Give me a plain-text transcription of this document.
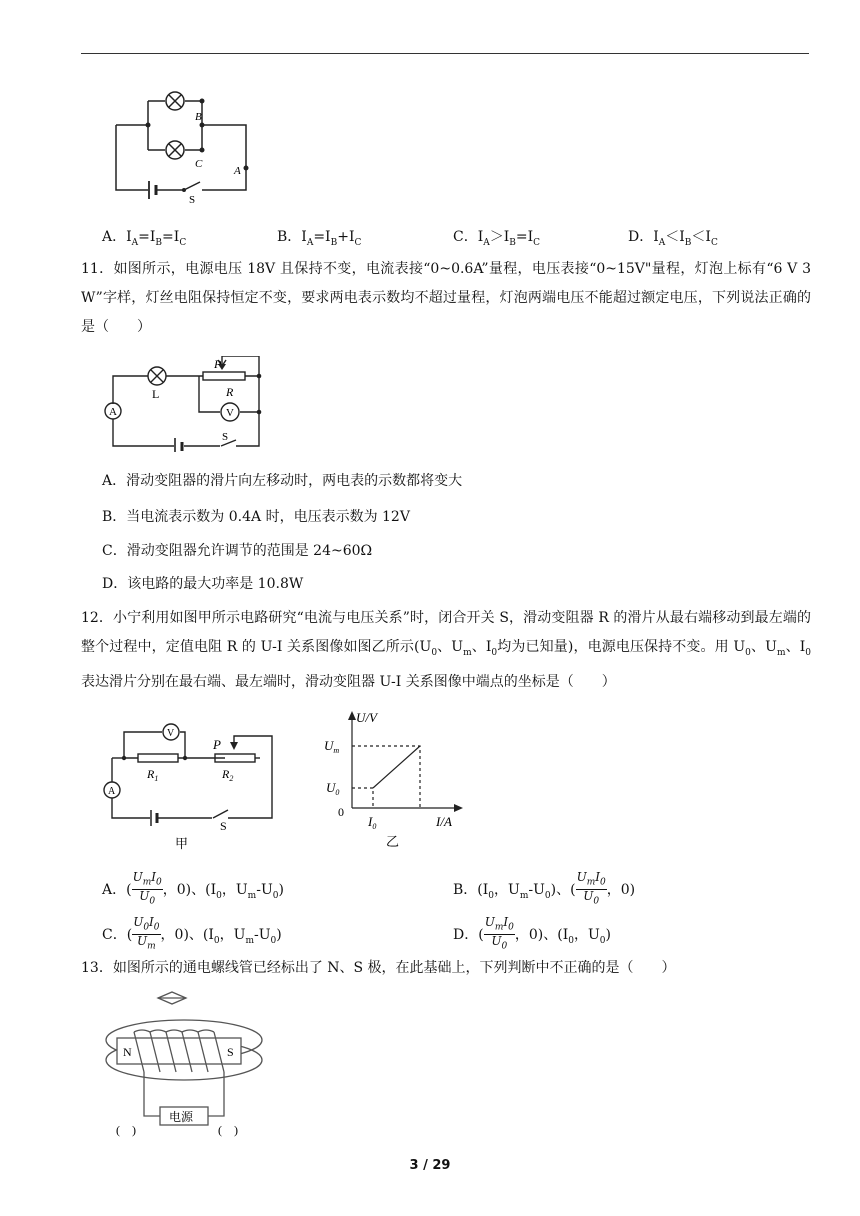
B
C
A
S
A．$I_A=I_B=I_C$	B．$I_A=I_B+I_C$	C．$I_A>I_B=I_C$	D．$I_A<I_B<I_C$
11．如图所示，电源电压 18V 且保持不变，电流表接“0~0.6A”量程，电压表接“0~15V"量程，灯泡上标有“6 V 3 W”字样，灯丝电阻保持恒定不变，要求两电表示数均不超过量程，灯泡两端电压不能超过额定电压，下列说法正确的是（　　）
A	V
L
P
R
S
A．滑动变阻器的滑片向左移动时，两电表的示数都将变大
B．当电流表示数为 0.4A 时，电压表示数为 12V
C．滑动变阻器允许调节的范围是 24~60Ω
D．该电路的最大功率是 10.8W
12．小宁利用如图甲所示电路研究“电流与电压关系”时，闭合开关 S，滑动变阻器 R 的滑片从最右端移动到最左端的整个过程中，定值电阻 R 的 U-I 关系图像如图乙所示($U_0$、$U_m$、$I_0$均为已知量)，电源电压保持不变。用 $U_0$、$U_m$、$I_0$表达滑片分别在最右端、最左端时，滑动变阻器 U-I 关系图像中端点的坐标是（　　）
V
A
P
$R_1$	$R_2$
S
甲
U/V
I/A
$U_m$
$U_0$
0
$I_0$
乙
A．( $\frac{U_mI_0}{U_0}$ ，0)、($I_0$，$U_m-U_0$)	B．($I_0$，$U_m-U_0$)、( $\frac{U_mI_0}{U_0}$ ，0)
C．( $\frac{U_0I_0}{U_m}$ ，0)、($I_0$，$U_m-U_0$)	D．( $\frac{U_mI_0}{U_0}$ ，0)、($I_0$，$U_0$)
13．如图所示的通电螺线管已经标出了 N、S 极，在此基础上，下列判断中不正确的是（　　）
N	S
电源
(　)	(　)
3 / 29
